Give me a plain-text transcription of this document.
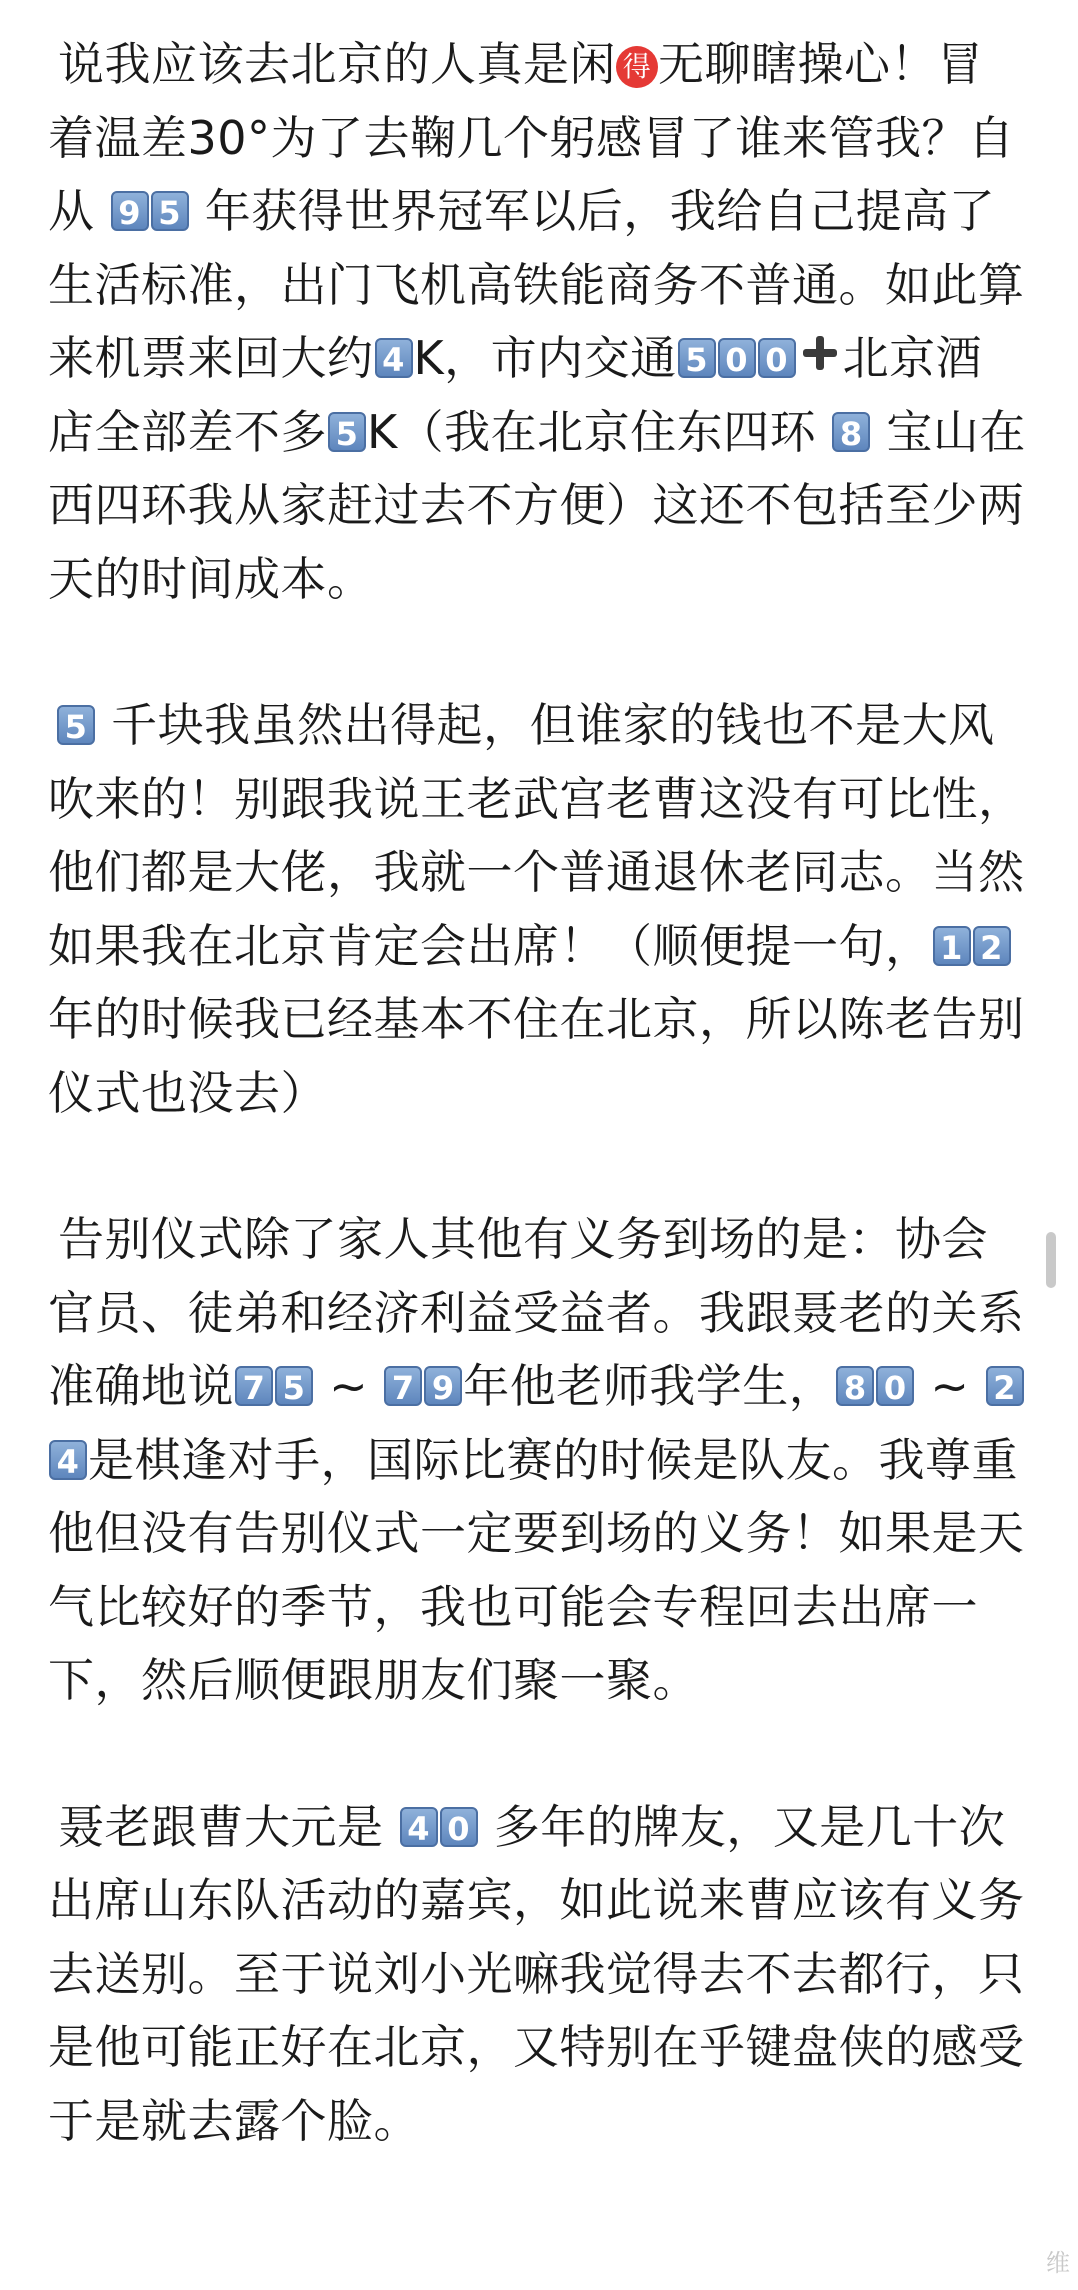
说我应该去北京的人真是闲 得 无聊瞎操心！冒着温差30°为了去鞠几个躬感冒了谁来管我？自从 9 5 年获得世界冠军以后，我给自己提高了生活标准，出门飞机高铁能商务不普通。如此算来机票来回大约 4 K，市内交通 5 0 0 北京酒店全部差不多 5 K（我在北京住东四环 8 宝山在西四环我从家赶过去不方便）这还不包括至少两天的时间成本。

5 千块我虽然出得起，但谁家的钱也不是大风吹来的！别跟我说王老武宫老曹这没有可比性，他们都是大佬，我就一个普通退休老同志。当然如果我在北京肯定会出席！（顺便提一句， 1 2 年的时候我已经基本不住在北京，所以陈老告别仪式也没去）

告别仪式除了家人其他有义务到场的是：协会官员、徒弟和经济利益受益者。我跟聂老的关系准确地说 7 5 ~ 7 9 年他老师我学生， 8 0 ~ 24 是棋逢对手，国际比赛的时候是队友。我尊重他但没有告别仪式一定要到场的义务！如果是天气比较好的季节，我也可能会专程回去出席一下，然后顺便跟朋友们聚一聚。

聂老跟曹大元是 4 0 多年的牌友，又是几十次出席山东队活动的嘉宾，如此说来曹应该有义务去送别。至于说刘小光嘛我觉得去不去都行，只是他可能正好在北京，又特别在乎键盘侠的感受于是就去露个脸。

维
